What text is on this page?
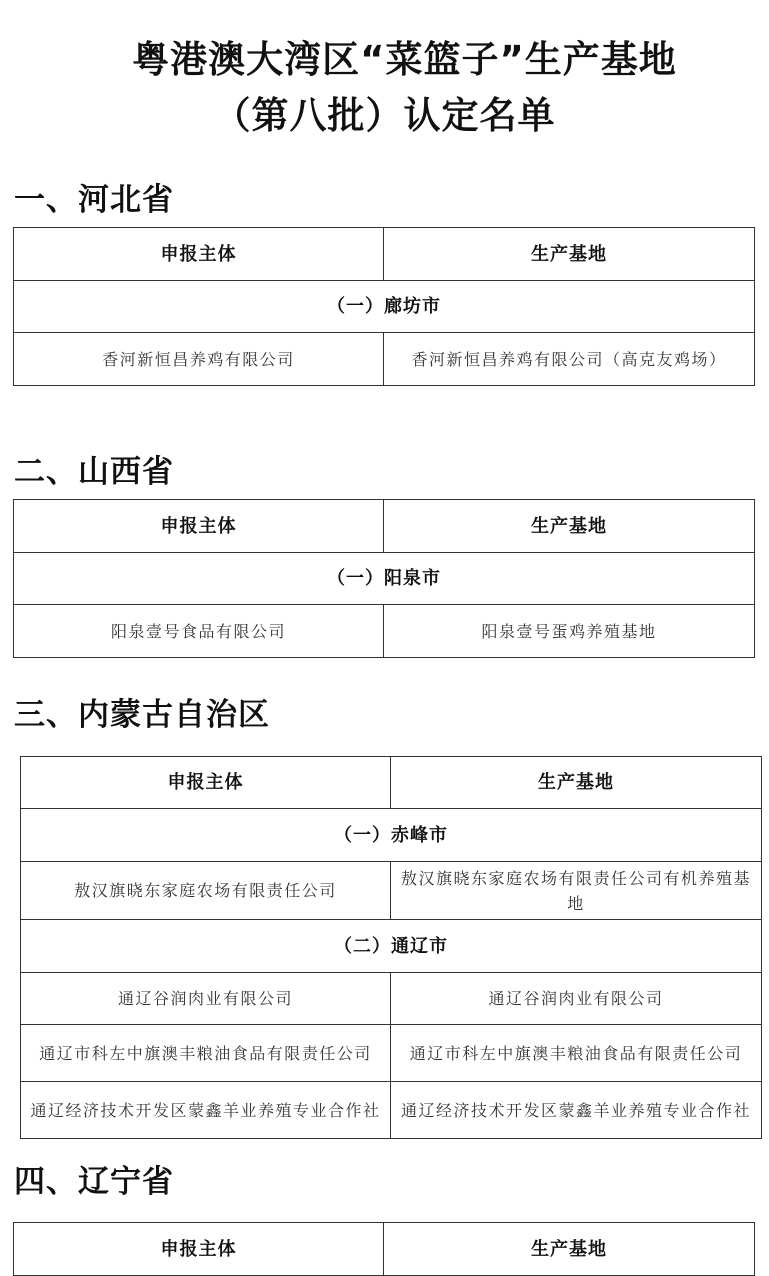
粤港澳大湾区“菜篮子”生产基地
（第八批）认定名单
一、河北省
申报主体	生产基地
（一）廊坊市	
香河新恒昌养鸡有限公司	香河新恒昌养鸡有限公司（高克友鸡场）
二、山西省
申报主体	生产基地
（一）阳泉市	
阳泉壹号食品有限公司	阳泉壹号蛋鸡养殖基地
三、内蒙古自治区
申报主体	生产基地
（一）赤峰市	
敖汉旗晓东家庭农场有限责任公司	敖汉旗晓东家庭农场有限责任公司有机养殖基地
（二）通辽市	
通辽谷润肉业有限公司	通辽谷润肉业有限公司
通辽市科左中旗澳丰粮油食品有限责任公司	通辽市科左中旗澳丰粮油食品有限责任公司
通辽经济技术开发区蒙鑫羊业养殖专业合作社	通辽经济技术开发区蒙鑫羊业养殖专业合作社
四、辽宁省
申报主体	生产基地
